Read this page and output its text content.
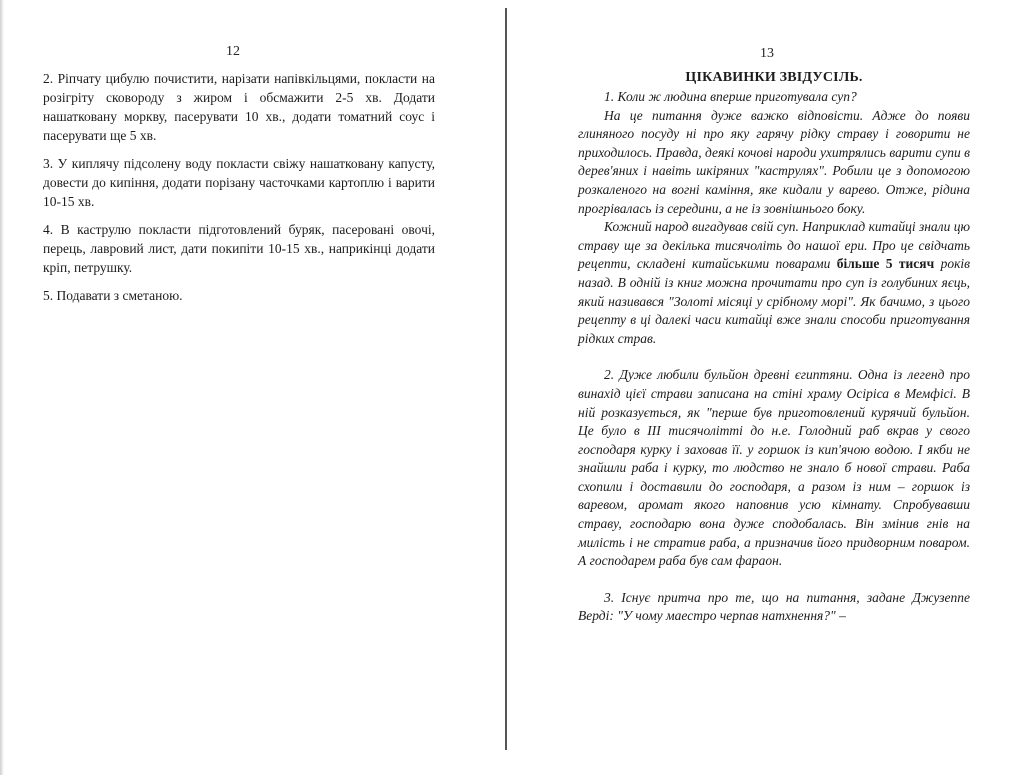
12

2. Ріпчату цибулю почистити, нарізати напівкільцями, покласти на розігріту сковороду з жиром і обсмажити 2-5 хв. Додати нашатковану моркву, пасерувати 10 хв., додати томатний соус і пасерувати ще 5 хв.

3. У киплячу підсолену воду покласти свіжу нашатковану капусту, довести до кипіння, додати порізану часточками картоплю і варити 10-15 хв.

4. В каструлю покласти підготовлений буряк, пасеровані овочі, перець, лавровий лист, дати покипіти 10-15 хв., наприкінці додати кріп, петрушку.

5. Подавати з сметаною.

13
ЦІКАВИНКИ ЗВІДУСІЛЬ.

1. Коли ж людина вперше приготувала суп?

На це питання дуже важко відповісти. Адже до появи глиняного посуду ні про яку гарячу рідку страву і говорити не приходилось. Правда, деякі кочові народи ухитрялись варити супи в дерев'яних і навіть шкіряних "каструлях". Робили це з допомогою розкаленого на вогні каміння, яке кидали у варево. Отже, рідина прогрівалась із середини, а не із зовнішнього боку.

Кожний народ вигадував свій суп. Наприклад китайці знали цю страву ще за декілька тисячоліть до нашої ери. Про це свідчать рецепти, складені китайськими поварами більше 5 тисяч років назад. В одній із книг можна прочитати про суп із голубиних яєць, який називався "Золоті місяці у срібному морі". Як бачимо, з цього рецепту в ці далекі часи китайці вже знали способи приготування рідких страв.

2. Дуже любили бульйон древні єгиптяни. Одна із легенд про винахід цієї страви записана на стіні храму Осіріса в Мемфісі. В ній розказується, як "перше був приготовлений курячий бульйон. Це було в ІІІ тисячолітті до н.е. Голодний раб вкрав у свого господаря курку і заховав її. у горшок із кип'ячою водою. І якби не знайшли раба і курку, то людство не знало б нової страви. Раба схопили і доставили до господаря, а разом із ним – горшок із варевом, аромат якого наповнив усю кімнату. Спробувавши страву, господарю вона дуже сподобалась. Він змінив гнів на милість і не стратив раба, а призначив його придворним поваром. А господарем раба був сам фараон.

3. Існує притча про те, що на питання, задане Джузеппе Верді: "У чому маестро черпав натхнення?" –
